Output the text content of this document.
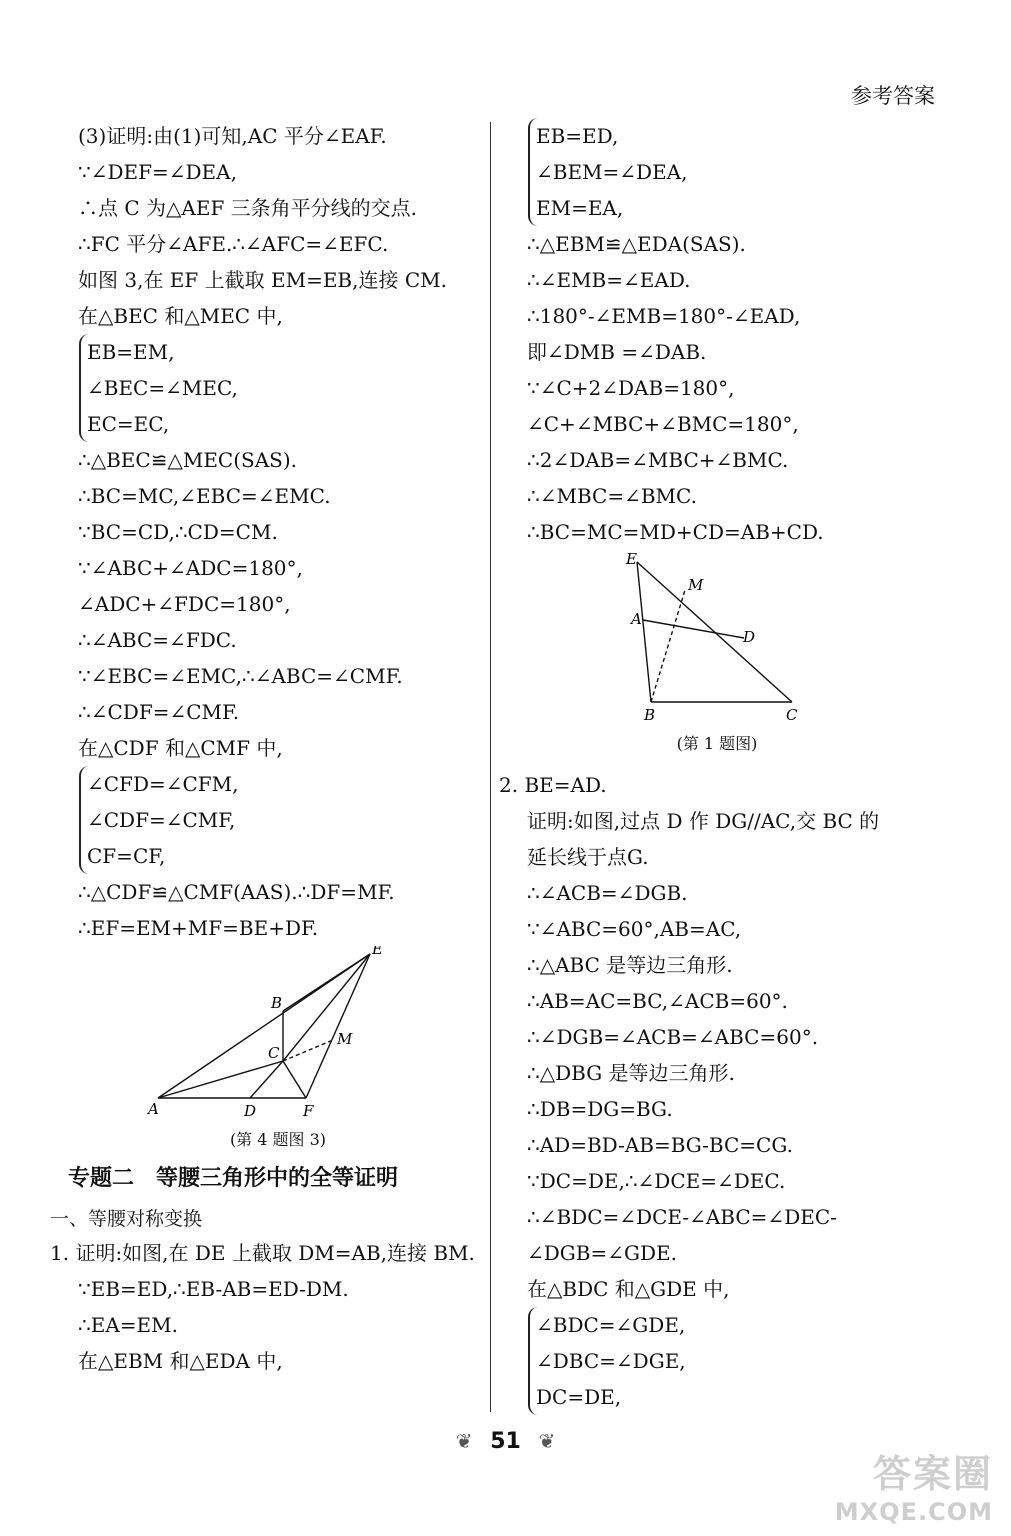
参考答案
(3)证明:由(1)可知,AC 平分∠EAF.
∵∠DEF=∠DEA,
∴点 C 为△AEF 三条角平分线的交点.
∴FC 平分∠AFE.∴∠AFC=∠EFC.
如图 3,在 EF 上截取 EM=EB,连接 CM.
在△BEC 和△MEC 中,
EB=EM,
∠BEC=∠MEC,
EC=EC,
∴△BEC≌△MEC(SAS).
∴BC=MC,∠EBC=∠EMC.
∵BC=CD,∴CD=CM.
∵∠ABC+∠ADC=180°,
∠ADC+∠FDC=180°,
∴∠ABC=∠FDC.
∵∠EBC=∠EMC,∴∠ABC=∠CMF.
∴∠CDF=∠CMF.
在△CDF 和△CMF 中,
∠CFD=∠CFM,
∠CDF=∠CMF,
CF=CF,
∴△CDF≌△CMF(AAS).∴DF=MF.
∴EF=EM+MF=BE+DF.
E
B
C
M
A	D	F
(第 4 题图 3)
专题二　等腰三角形中的全等证明
一、等腰对称变换
1. 证明:如图,在 DE 上截取 DM=AB,连接 BM.
∵EB=ED,∴EB-AB=ED-DM.
∴EA=EM.
在△EBM 和△EDA 中,
EB=ED,
∠BEM=∠DEA,
EM=EA,
∴△EBM≌△EDA(SAS).
∴∠EMB=∠EAD.
∴180°-∠EMB=180°-∠EAD,
即∠DMB =∠DAB.
∵∠C+2∠DAB=180°,
∠C+∠MBC+∠BMC=180°,
∴2∠DAB=∠MBC+∠BMC.
∴∠MBC=∠BMC.
∴BC=MC=MD+CD=AB+CD.
E
M
A
D
B	C
(第 1 题图)
2. BE=AD.
证明:如图,过点 D 作 DG//AC,交 BC 的
延长线于点G.
∴∠ACB=∠DGB.
∵∠ABC=60°,AB=AC,
∴△ABC 是等边三角形.
∴AB=AC=BC,∠ACB=60°.
∴∠DGB=∠ACB=∠ABC=60°.
∴△DBG 是等边三角形.
∴DB=DG=BG.
∴AD=BD-AB=BG-BC=CG.
∵DC=DE,∴∠DCE=∠DEC.
∴∠BDC=∠DCE-∠ABC=∠DEC-
∠DGB=∠GDE.
在△BDC 和△GDE 中,
∠BDC=∠GDE,
∠DBC=∠DGE,
DC=DE,
❦ 51 ❦
答案圈
MXQE.COM
